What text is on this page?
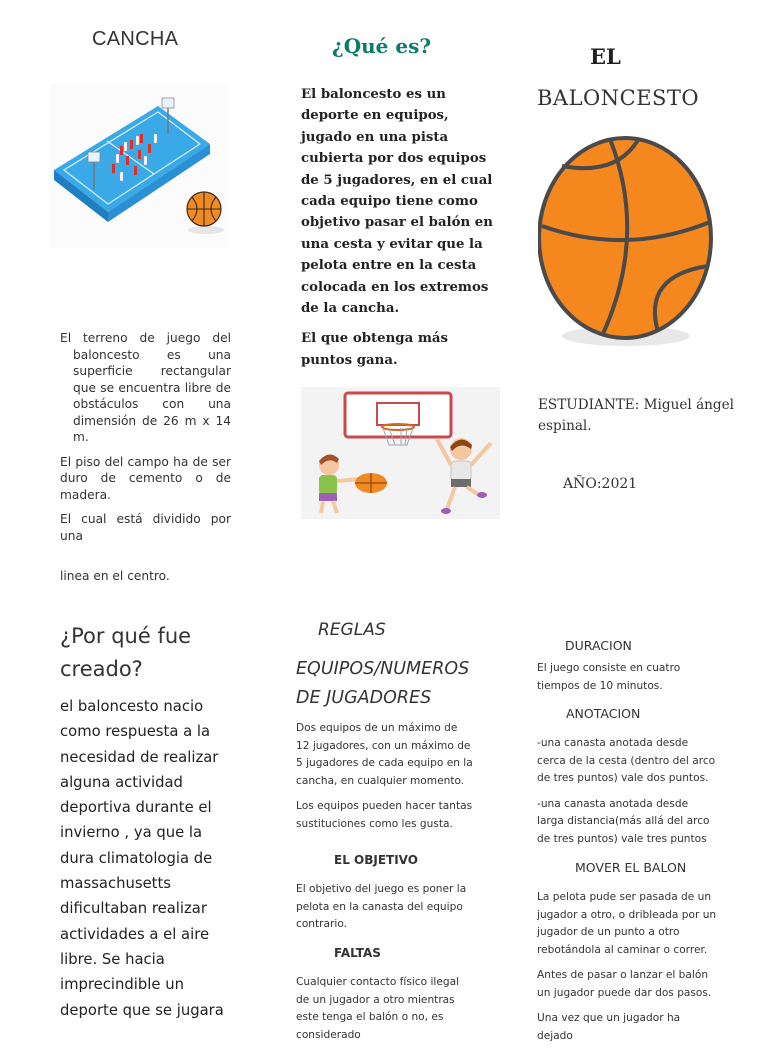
CANCHA

El terreno de juego del baloncesto es una superficie rectangular que se encuentra libre de obstáculos con una dimensión de 26 m x 14 m.

El piso del campo ha de ser duro de cemento o de madera.

El cual está dividido por una

linea en el centro.
¿Qué es?

El baloncesto es un deporte en equipos, jugado en una pista cubierta por dos equipos de 5 jugadores, en el cual cada equipo tiene como objetivo pasar el balón en una cesta y evitar que la pelota entre en la cesta colocada en los extremos de la cancha.

El que obtenga más puntos gana.

EL
BALONCESTO
ESTUDIANTE: Miguel ángel espinal.
AÑO:2021
¿Por qué fue creado?
el baloncesto nacio como respuesta a la necesidad de realizar alguna actividad deportiva durante el invierno , ya que la dura climatologia de massachusetts dificultaban realizar actividades a el aire libre. Se hacia imprecindible un deporte que se jugara
REGLAS
EQUIPOS/NUMEROS DE JUGADORES

Dos equipos de un máximo de 12 jugadores, con un máximo de 5 jugadores de cada equipo en la cancha, en cualquier momento.

Los equipos pueden hacer tantas sustituciones como les gusta.

EL OBJETIVO
El objetivo del juego es poner la pelota en la canasta del equipo contrario.
FALTAS
Cualquier contacto físico ilegal de un jugador a otro mientras este tenga el balón o no, es considerado
DURACION
El juego consiste en cuatro tiempos de 10 minutos.
ANOTACION

-una canasta anotada desde cerca de la cesta (dentro del arco de tres puntos) vale dos puntos.

-una canasta anotada desde larga distancia(más allá del arco de tres puntos) vale tres puntos

MOVER EL BALON

La pelota pude ser pasada de un jugador a otro, o dribleada por un jugador de un punto a otro rebotándola al caminar o correr.

Antes de pasar o lanzar el balón un jugador puede dar dos pasos.

Una vez que un jugador ha dejado
